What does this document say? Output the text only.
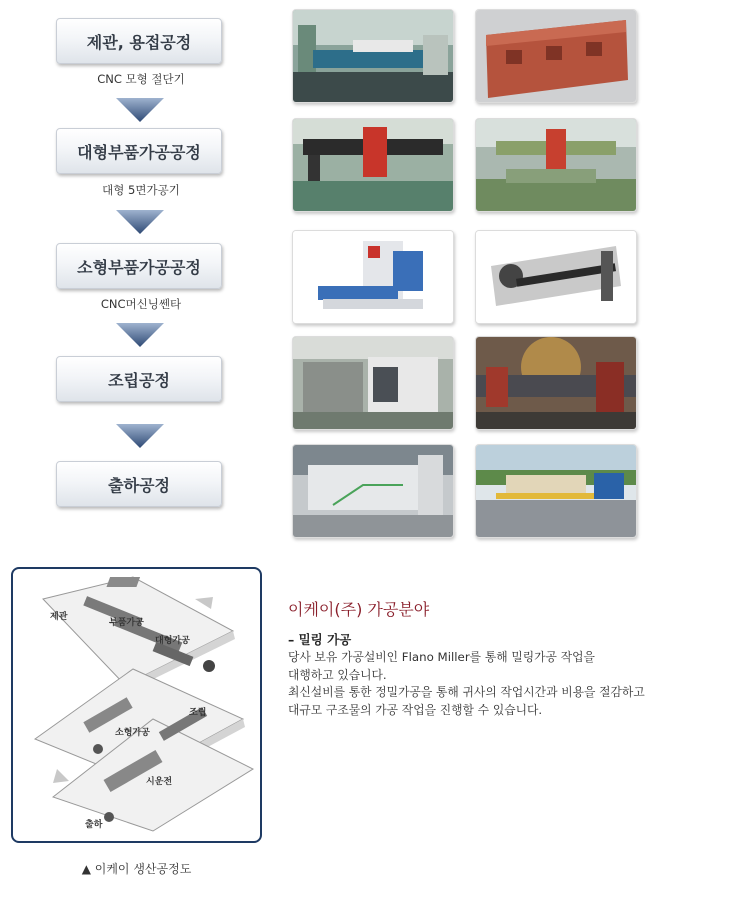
제관, 용접공정
CNC 모형 절단기
대형부품가공공정
대형 5면가공기
소형부품가공공정
CNC머신닝쎈타
조립공정
출하공정
제관
부품가공
대형가공
소형가공
조립
시운전
출하
▲ 이케이 생산공정도
이케이(주) 가공분야
– 밀링 가공

당사 보유 가공설비인 Flano Miller를 통해 밀링가공 작업을

대행하고 있습니다.

최신설비를 통한 정밀가공을 통해 귀사의 작업시간과 비용을 절감하고

대규모 구조물의 가공 작업을 진행할 수 있습니다.
